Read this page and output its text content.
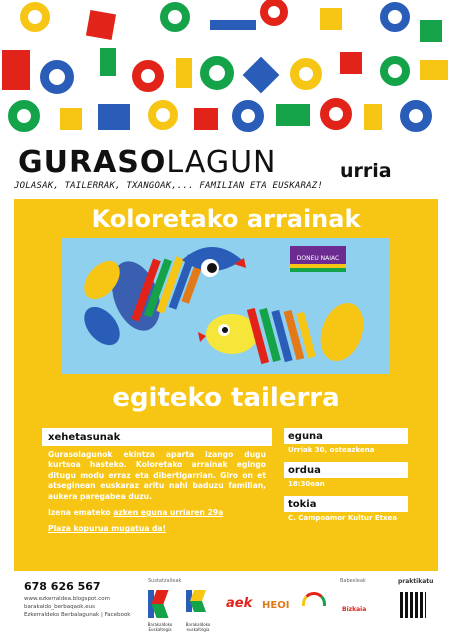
GURASO LAGUN
JOLASAK, TAILERRAK, TXANGOAK,... FAMILIAN ETA EUSKARAZ!
urria
Koloretako arrainak
DONEU NAIAC
egiteko tailerra
xehetasunak

Gurasolagunok ekintza aparta izango dugu kurtsoa hasteko. Koloretako arrainak egingo ditugu modu erraz eta dibertigarrian. Giro on et atseginean euskaraz aritu nahi baduzu familian, aukera paregabea duzu.

Izena emateko azken eguna urriaren 29a

Plaza kopurua mugatua da!

eguna
Urriak 30, osteazkena
ordua
18:30ean
tokia
C. Campoamor Kultur Etxea
678 626 567
www.ezkerraldea.blogspot.com
barakaldo_berbaqaok.eus
Ezkerraldeko Berbalagunak | Facebook
Sustatzaileak	Babesleak
Barakaldoko euskaltegia
Barakaldoko Euskaltegia
aek HEOI	Bizkaia
praktikatu
